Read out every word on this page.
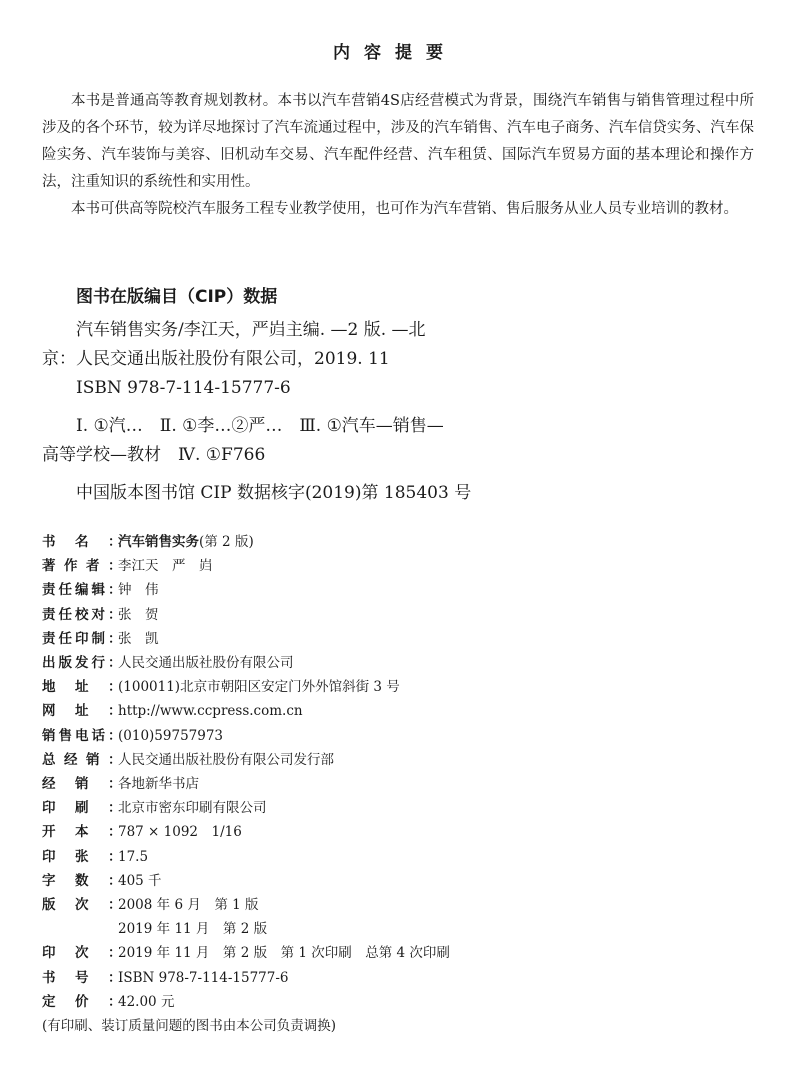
内容提要

本书是普通高等教育规划教材。本书以汽车营销4S店经营模式为背景，围绕汽车销售与销售管理过程中所涉及的各个环节，较为详尽地探讨了汽车流通过程中，涉及的汽车销售、汽车电子商务、汽车信贷实务、汽车保险实务、汽车装饰与美容、旧机动车交易、汽车配件经营、汽车租赁、国际汽车贸易方面的基本理论和操作方法，注重知识的系统性和实用性。

本书可供高等院校汽车服务工程专业教学使用，也可作为汽车营销、售后服务从业人员专业培训的教材。

图书在版编目（CIP）数据
汽车销售实务/李江天，严岿主编. —2 版. —北
京：人民交通出版社股份有限公司，2019. 11
ISBN 978-7-114-15777-6
Ⅰ. ①汽…　Ⅱ. ①李…②严…　Ⅲ. ①汽车—销售—
高等学校—教材　Ⅳ. ①F766
中国版本图书馆 CIP 数据核字(2019)第 185403 号
书 名 ：
汽车销售实务(第 2 版)
著 作 者 ：
李江天　严　岿
责 任 编 辑 ：
钟　伟
责 任 校 对 ：
张　贺
责 任 印 制 ：
张　凯
出 版 发 行 ：
人民交通出版社股份有限公司
地 址 ：
(100011)北京市朝阳区安定门外外馆斜街 3 号
网 址 ：
http://www.ccpress.com.cn
销 售 电 话 ：
(010)59757973
总 经 销 ：
人民交通出版社股份有限公司发行部
经 销 ：
各地新华书店
印 刷 ：
北京市密东印刷有限公司
开 本 ：
787 × 1092　1/16
印 张 ：
17.5
字 数 ：
405 千
版 次 ：
2008 年 6 月　第 1 版
2019 年 11 月　第 2 版
印 次 ：
2019 年 11 月　第 2 版　第 1 次印刷　总第 4 次印刷
书 号 ：
ISBN 978-7-114-15777-6
定 价 ：
42.00 元
(有印刷、装订质量问题的图书由本公司负责调换)
